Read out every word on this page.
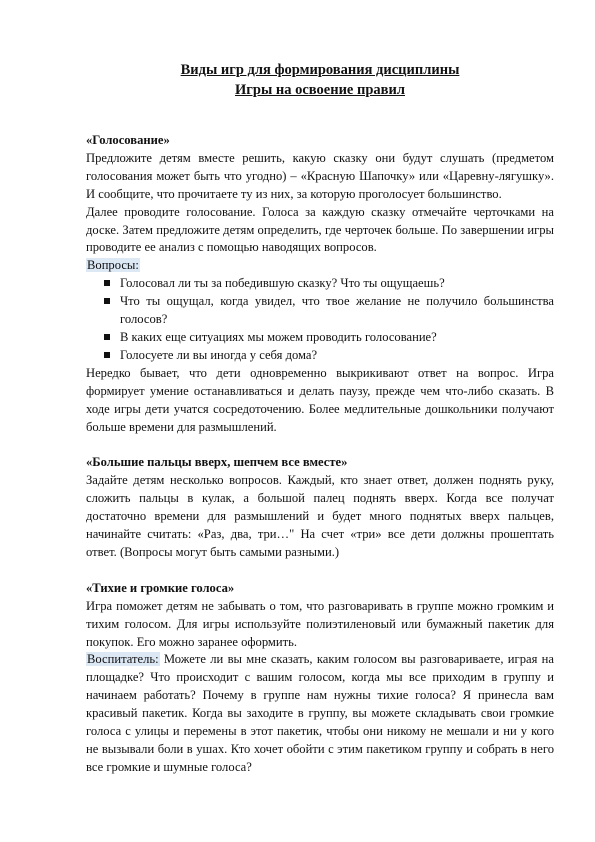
Виды игр для формирования дисциплины

Игры на освоение правил

«Голосование»

Предложите детям вместе решить, какую сказку они будут слушать (предметом голосования может быть что угодно) – «Красную Шапочку» или «Царевну-лягушку». И сообщите, что прочитаете ту из них, за которую проголосует большинство.

Далее проводите голосование. Голоса за каждую сказку отмечайте черточками на доске. Затем предложите детям определить, где черточек больше. По завершении игры проводите ее анализ с помощью наводящих вопросов.

Вопросы:

Голосовал ли ты за победившую сказку? Что ты ощущаешь?
Что ты ощущал, когда увидел, что твое желание не получило большинства голосов?
В каких еще ситуациях мы можем проводить голосование?
Голосуете ли вы иногда у себя дома?

Нередко бывает, что дети одновременно выкрикивают ответ на вопрос. Игра формирует умение останавливаться и делать паузу, прежде чем что-либо сказать. В ходе игры дети учатся сосредоточению. Более медлительные дошкольники получают больше времени для размышлений.

«Большие пальцы вверх, шепчем все вместе»

Задайте детям несколько вопросов. Каждый, кто знает ответ, должен поднять руку, сложить пальцы в кулак, а большой палец поднять вверх. Когда все получат достаточно времени для размышлений и будет много поднятых вверх пальцев, начинайте считать: «Раз, два, три…" На счет «три» все дети должны прошептать ответ. (Вопросы могут быть самыми разными.)

«Тихие и громкие голоса»

Игра поможет детям не забывать о том, что разговаривать в группе можно громким и тихим голосом. Для игры используйте полиэтиленовый или бумажный пакетик для покупок. Его можно заранее оформить.

Воспитатель: Можете ли вы мне сказать, каким голосом вы разговариваете, играя на площадке? Что происходит с вашим голосом, когда мы все приходим в группу и начинаем работать? Почему в группе нам нужны тихие голоса? Я принесла вам красивый пакетик. Когда вы заходите в группу, вы можете складывать свои громкие голоса с улицы и перемены в этот пакетик, чтобы они никому не мешали и ни у кого не вызывали боли в ушах. Кто хочет обойти с этим пакетиком группу и собрать в него все громкие и шумные голоса?
